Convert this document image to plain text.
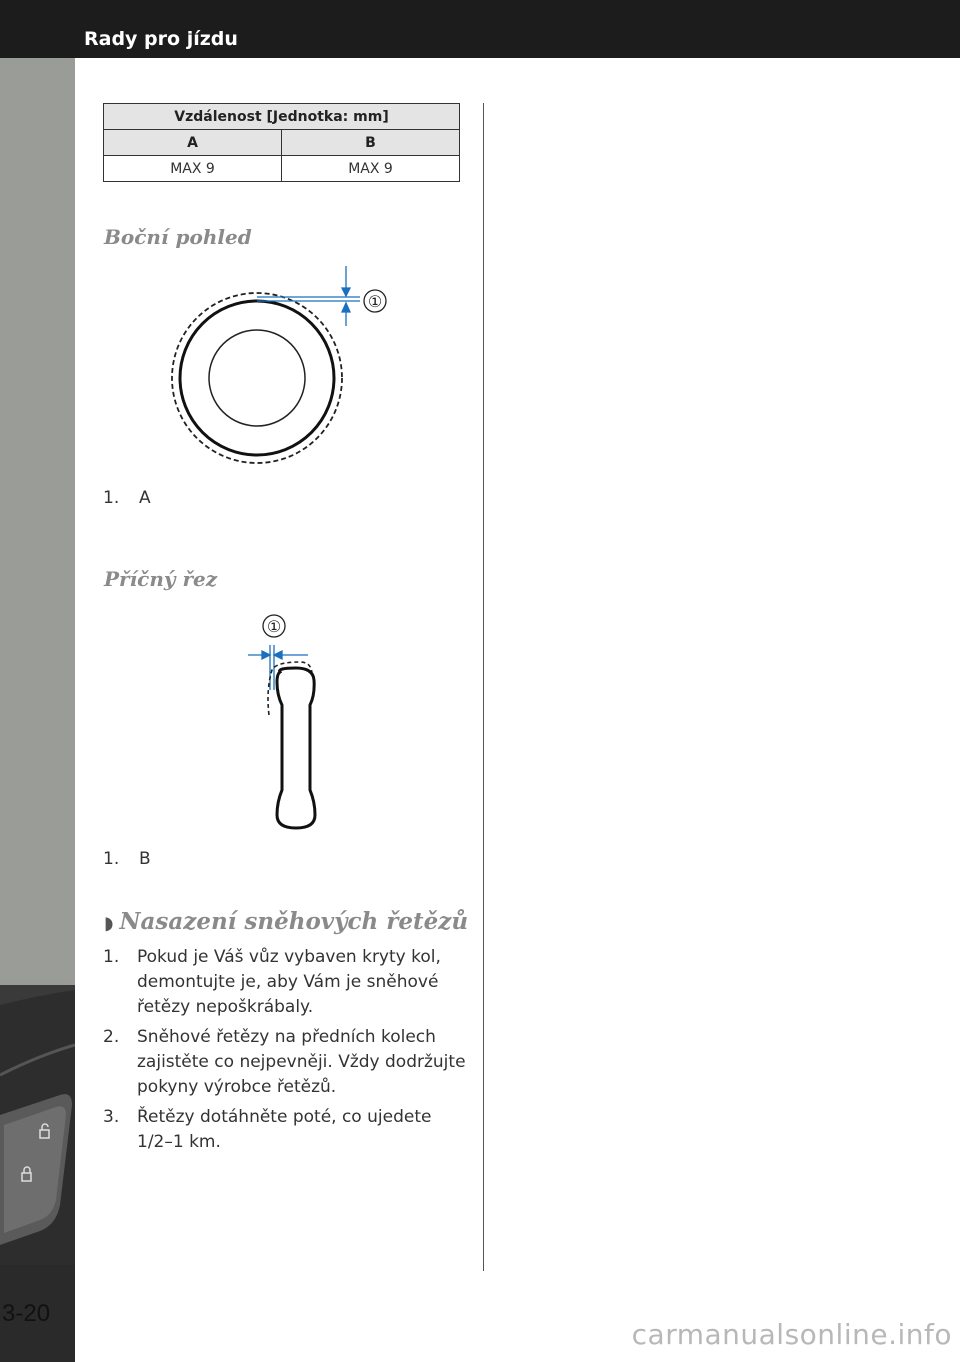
Rady pro jízdu
3-20
Vzdálenost [Jednotka: mm]	
A	B
MAX 9	MAX 9
Boční pohled
①
1. A
Příčný řez
①
1. B
◗ Nasazení sněhových řetězů
1. Pokud je Váš vůz vybaven kryty kol, demontujte je, aby Vám je sněhové řetězy nepoškrábaly.
2. Sněhové řetězy na předních kolech zajistěte co nejpevněji. Vždy dodržujte pokyny výrobce řetězů.
3. Řetězy dotáhněte poté, co ujedete 1/2–1 km.
carmanualsonline.info
